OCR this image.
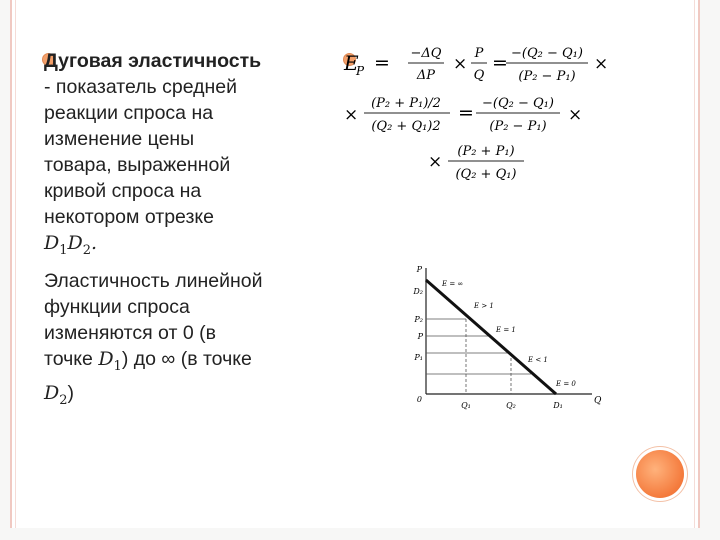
Дуговая эластичность
- показатель средней
реакции спроса на
изменение цены
товара, выраженной
кривой спроса на
некотором отрезке
$D_1D_2$.

Эластичность линейной
функции спроса
изменяются от 0 (в
точке $D_1$) до ∞ (в точке
$D_2$)

E
P = −ΔQ
ΔP
×
P
Q
= −(Q₂ − Q₁)
(P₂ − P₁)
×
×
(P₂ + P₁)/2
(Q₂ + Q₁)2
= −(Q₂ − Q₁)
(P₂ − P₁)
×
×
(P₂ + P₁)
(Q₂ + Q₁)
P
Q
0
D₂
P₂
P
P₁
Q₁	Q₂	D₁
E = ∞
E > 1
E = 1
E < 1
E = 0
